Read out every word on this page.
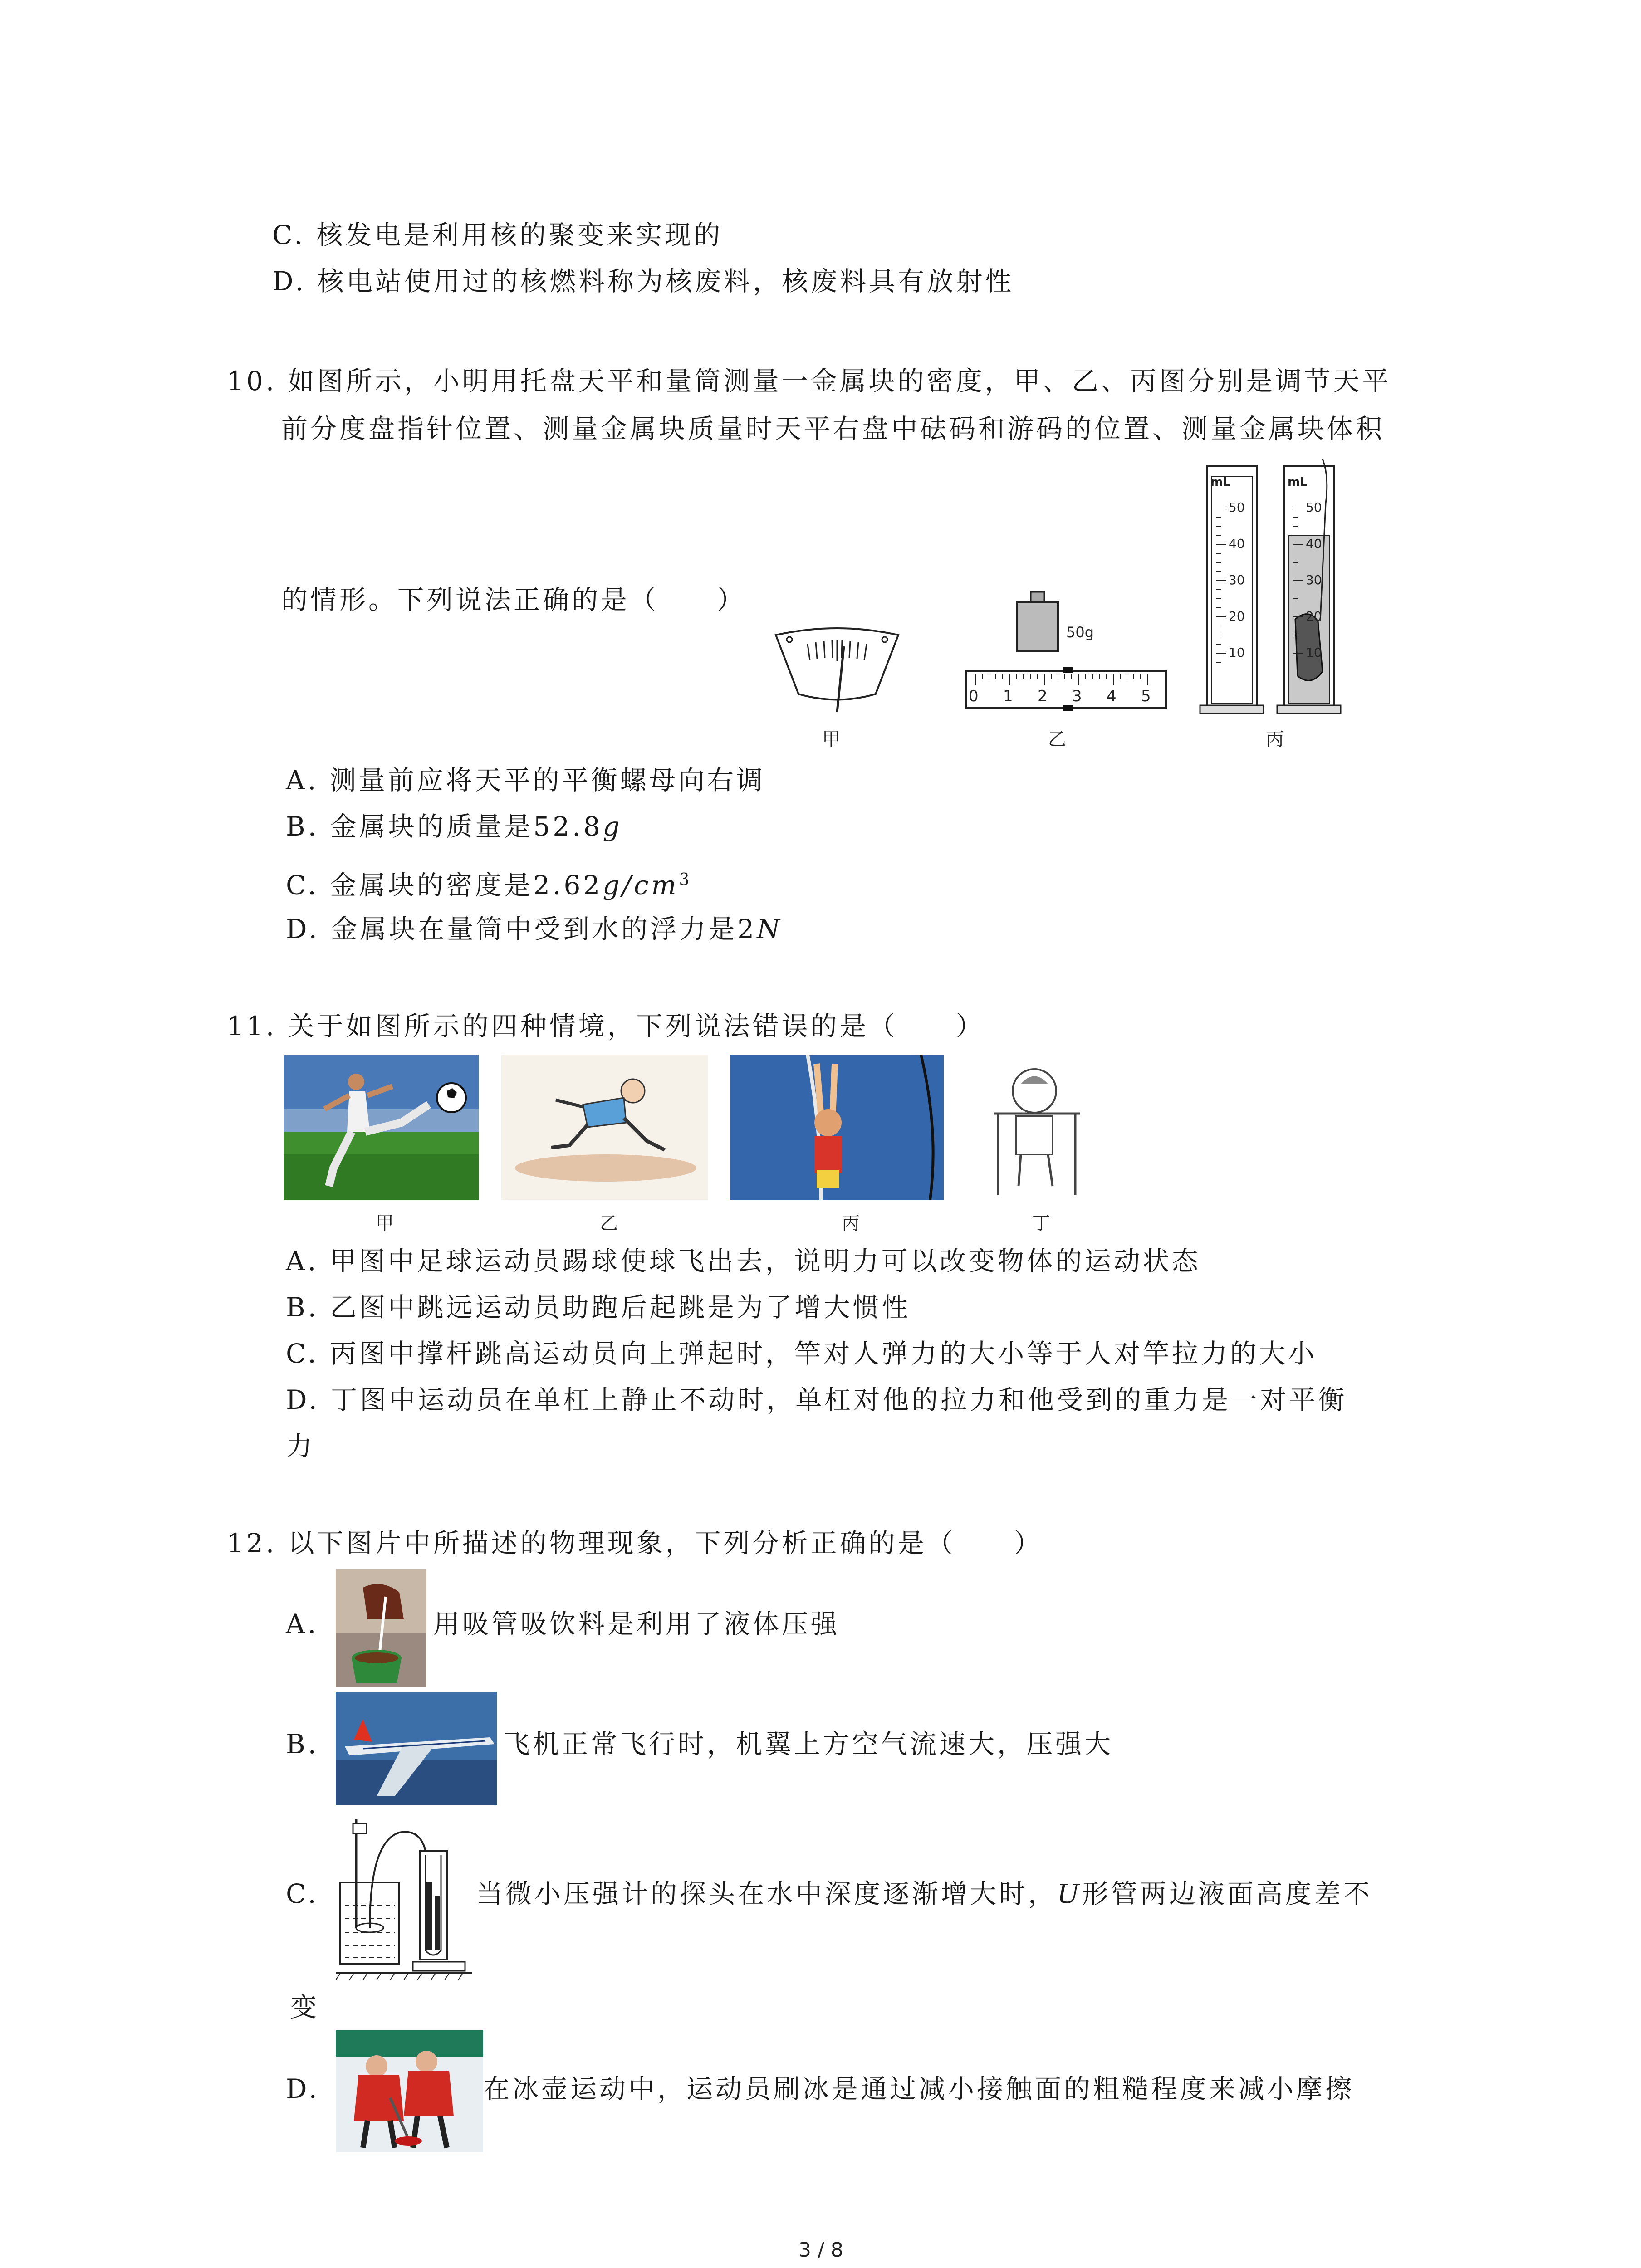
C. 核发电是利用核的聚变来实现的
D. 核电站使用过的核燃料称为核废料，核废料具有放射性
10. 如图所示，小明用托盘天平和量筒测量一金属块的密度，甲、乙、丙图分别是调节天平
前分度盘指针位置、测量金属块质量时天平右盘中砝码和游码的位置、测量金属块体积
的情形。下列说法正确的是（　　）
甲
50g
0 1 2 3 4 5
乙
mL	mL
50
40
30
20
10
50
40
30
20
10
丙
A. 测量前应将天平的平衡螺母向右调
B. 金属块的质量是52.8g
C. 金属块的密度是$2.62g/cm^3$
D. 金属块在量筒中受到水的浮力是2N
11. 关于如图所示的四种情境，下列说法错误的是（　　）
甲	乙	丙	丁
A. 甲图中足球运动员踢球使球飞出去，说明力可以改变物体的运动状态
B. 乙图中跳远运动员助跑后起跳是为了增大惯性
C. 丙图中撑杆跳高运动员向上弹起时，竿对人弹力的大小等于人对竿拉力的大小
D. 丁图中运动员在单杠上静止不动时，单杠对他的拉力和他受到的重力是一对平衡
力
12. 以下图片中所描述的物理现象，下列分析正确的是（　　）
A.	用吸管吸饮料是利用了液体压强
B.	飞机正常飞行时，机翼上方空气流速大，压强大
C.	当微小压强计的探头在水中深度逐渐增大时，U形管两边液面高度差不
变
D.	在冰壶运动中，运动员刷冰是通过减小接触面的粗糙程度来减小摩擦
3 / 8
